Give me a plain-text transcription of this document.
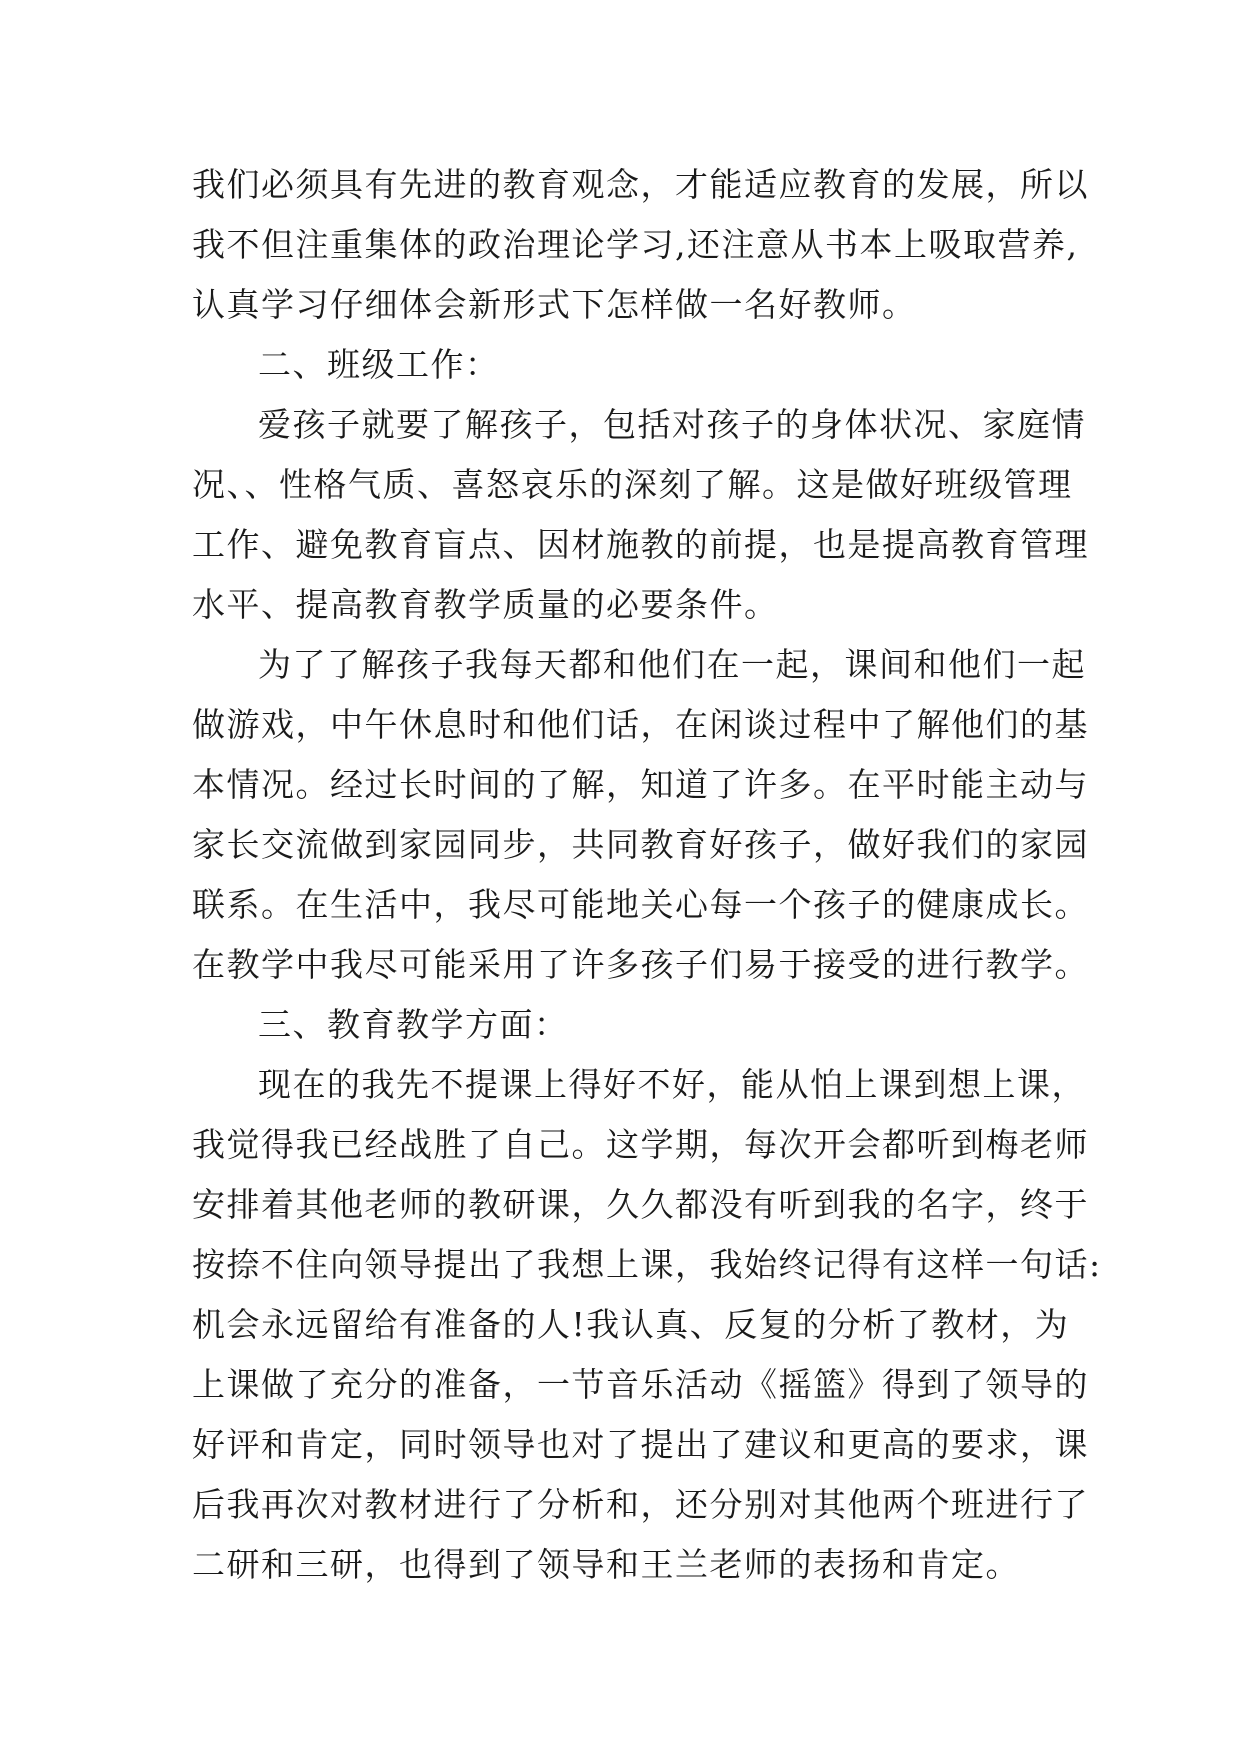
我们必须具有先进的教育观念，才能适应教育的发展，所以

我不但注重集体的政治理论学习,还注意从书本上吸取营养,

认真学习仔细体会新形式下怎样做一名好教师。

二、班级工作：

爱孩子就要了解孩子，包括对孩子的身体状况、家庭情

况、、性格气质、喜怒哀乐的深刻了解。这是做好班级管理

工作、避免教育盲点、因材施教的前提，也是提高教育管理

水平、提高教育教学质量的必要条件。

为了了解孩子我每天都和他们在一起，课间和他们一起

做游戏，中午休息时和他们话，在闲谈过程中了解他们的基

本情况。经过长时间的了解，知道了许多。在平时能主动与

家长交流做到家园同步，共同教育好孩子，做好我们的家园

联系。在生活中，我尽可能地关心每一个孩子的健康成长。

在教学中我尽可能采用了许多孩子们易于接受的进行教学。

三、教育教学方面：

现在的我先不提课上得好不好，能从怕上课到想上课，

我觉得我已经战胜了自己。这学期，每次开会都听到梅老师

安排着其他老师的教研课，久久都没有听到我的名字，终于

按捺不住向领导提出了我想上课，我始终记得有这样一句话:

机会永远留给有准备的人!我认真、反复的分析了教材，为

上课做了充分的准备，一节音乐活动《摇篮》得到了领导的

好评和肯定，同时领导也对了提出了建议和更高的要求，课

后我再次对教材进行了分析和，还分别对其他两个班进行了

二研和三研，也得到了领导和王兰老师的表扬和肯定。
